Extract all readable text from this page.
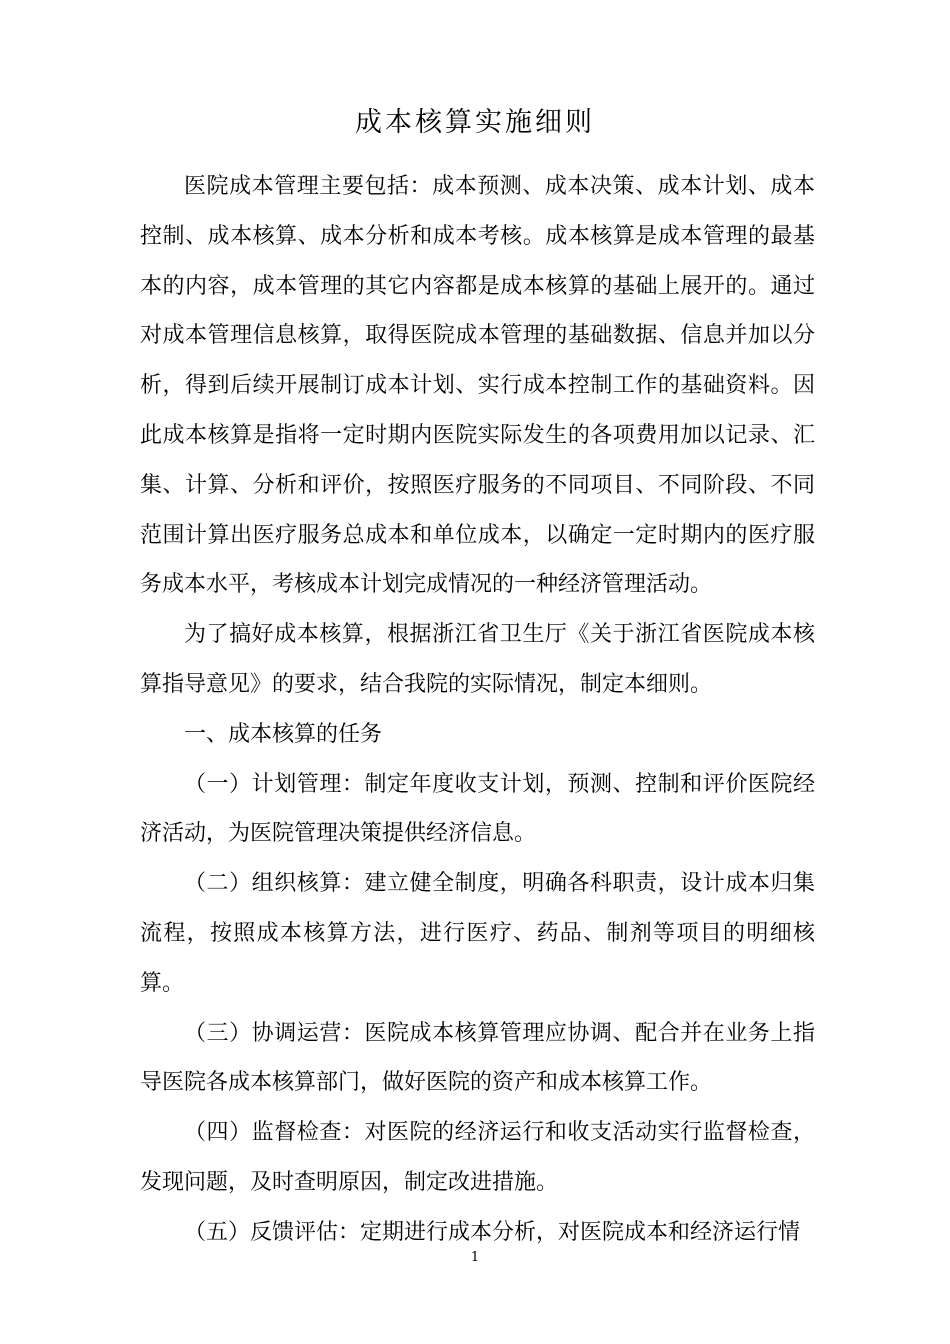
成本核算实施细则

医院成本管理主要包括：成本预测、成本决策、成本计划、成本控制、成本核算、成本分析和成本考核。成本核算是成本管理的最基本的内容，成本管理的其它内容都是成本核算的基础上展开的。通过对成本管理信息核算，取得医院成本管理的基础数据、信息并加以分析，得到后续开展制订成本计划、实行成本控制工作的基础资料。因此成本核算是指将一定时期内医院实际发生的各项费用加以记录、汇集、计算、分析和评价，按照医疗服务的不同项目、不同阶段、不同范围计算出医疗服务总成本和单位成本，以确定一定时期内的医疗服务成本水平，考核成本计划完成情况的一种经济管理活动。

为了搞好成本核算，根据浙江省卫生厅《关于浙江省医院成本核算指导意见》的要求，结合我院的实际情况，制定本细则。

一、成本核算的任务

（一）计划管理：制定年度收支计划，预测、控制和评价医院经济活动，为医院管理决策提供经济信息。

（二）组织核算：建立健全制度，明确各科职责，设计成本归集流程，按照成本核算方法，进行医疗、药品、制剂等项目的明细核算。

（三）协调运营：医院成本核算管理应协调、配合并在业务上指导医院各成本核算部门，做好医院的资产和成本核算工作。

（四）监督检查：对医院的经济运行和收支活动实行监督检查，发现问题，及时查明原因，制定改进措施。

（五）反馈评估：定期进行成本分析，对医院成本和经济运行情

1
